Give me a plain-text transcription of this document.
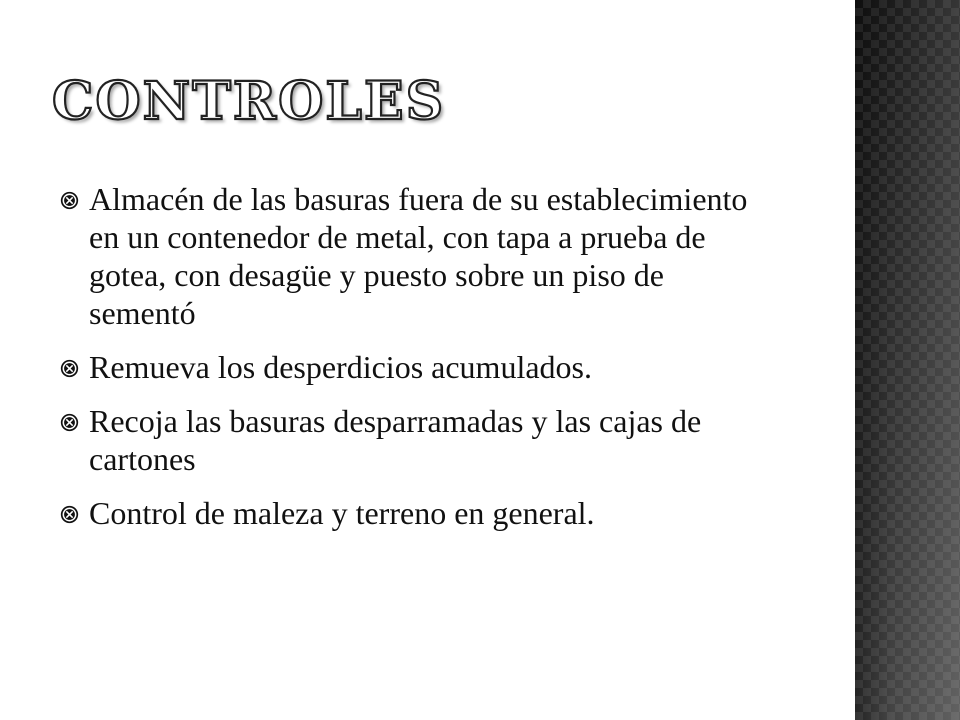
CONTROLES
Almacén de las basuras fuera de su establecimiento en un contenedor de metal, con tapa a prueba de gotea, con desagüe y puesto sobre un piso de sementó
Remueva los desperdicios acumulados.
Recoja las basuras desparramadas y las cajas de cartones
Control de maleza y terreno en general.
